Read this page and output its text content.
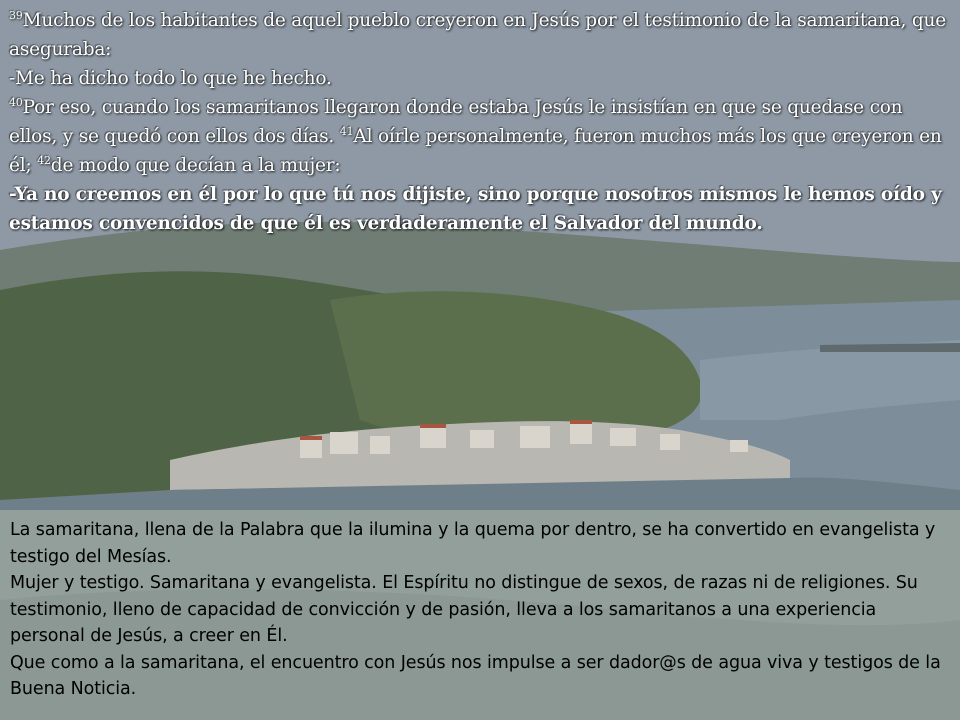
$^{39}$Muchos de los habitantes de aquel pueblo creyeron en Jesús por el testimonio de la samaritana, que aseguraba:

-Me ha dicho todo lo que he hecho.

$^{40}$Por eso, cuando los samaritanos llegaron donde estaba Jesús le insistían en que se quedase con ellos, y se quedó con ellos dos días. $^{41}$Al oírle personalmente, fueron muchos más los que creyeron en él; $^{42}$de modo que decían a la mujer:

-Ya no creemos en él por lo que tú nos dijiste, sino porque nosotros mismos le hemos oído y estamos convencidos de que él es verdaderamente el Salvador del mundo.

La samaritana, llena de la Palabra que la ilumina y la quema por dentro, se ha convertido en evangelista y testigo del Mesías.

Mujer y testigo. Samaritana y evangelista. El Espíritu no distingue de sexos, de razas ni de religiones. Su testimonio, lleno de capacidad de convicción y de pasión, lleva a los samaritanos a una experiencia personal de Jesús, a creer en Él.

Que como a la samaritana, el encuentro con Jesús nos impulse a ser dador@s de agua viva y testigos de la Buena Noticia.
